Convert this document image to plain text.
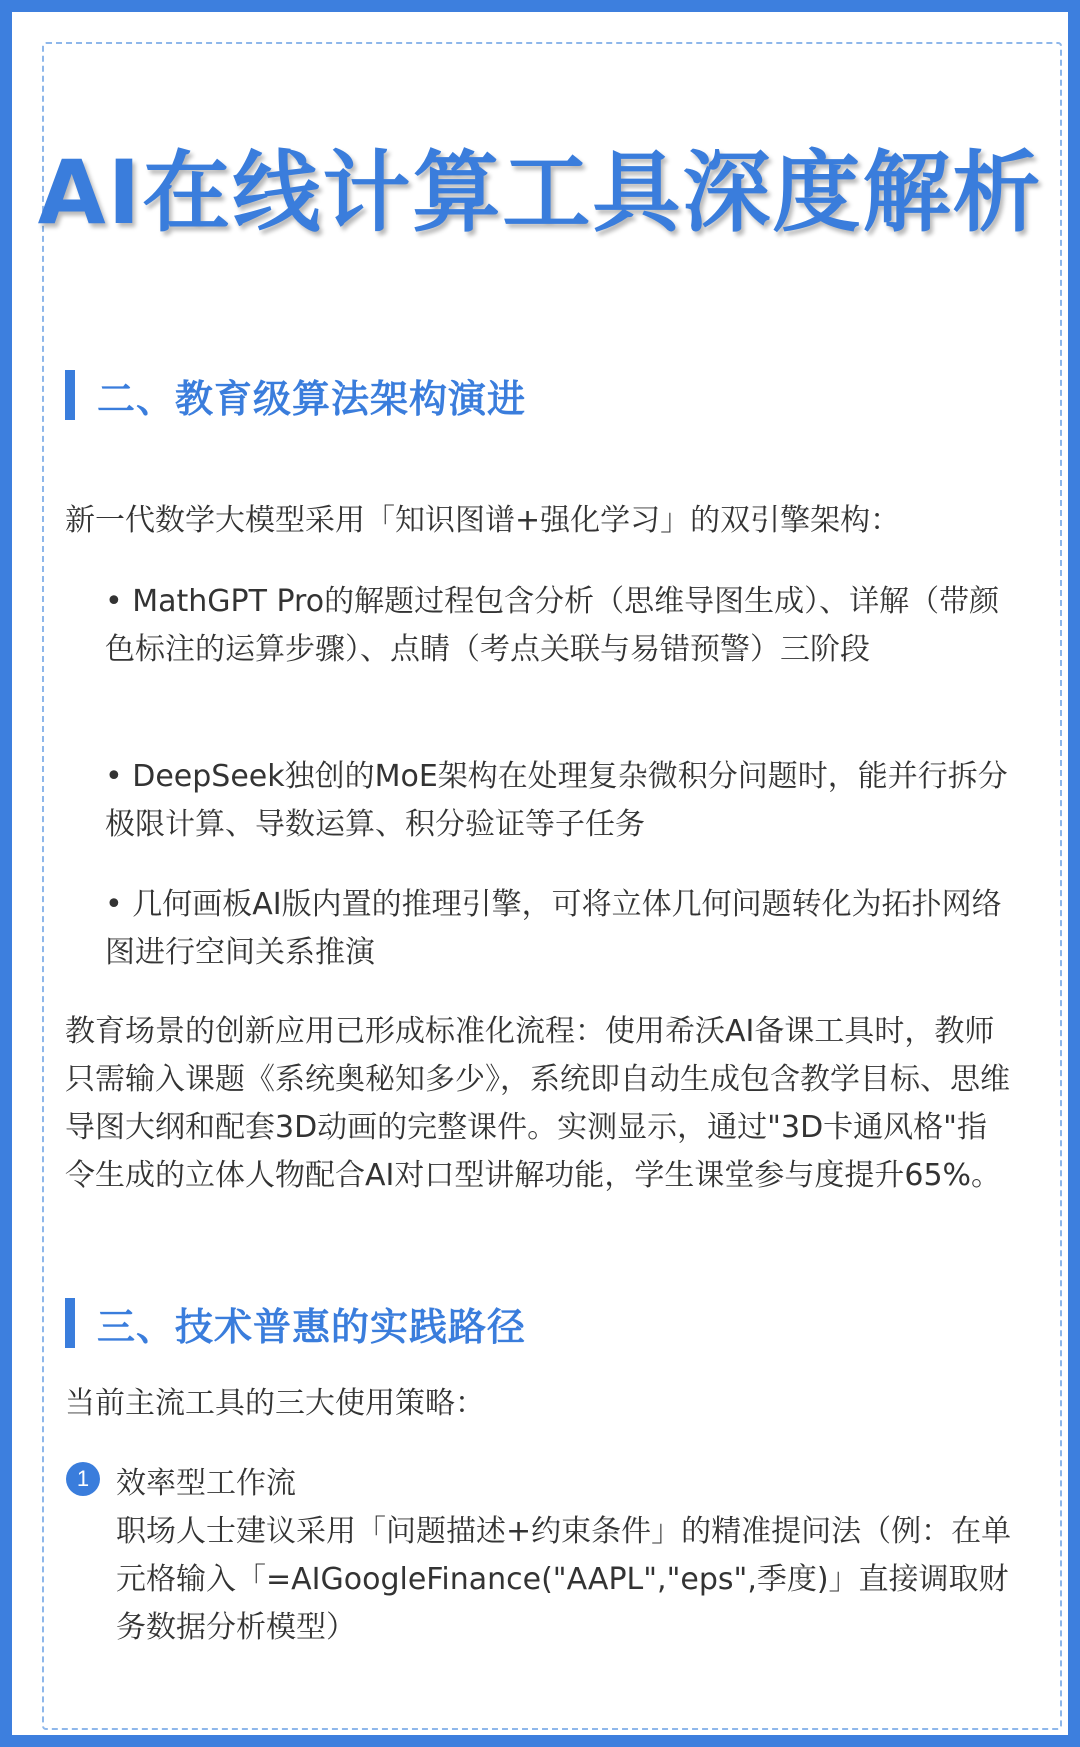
AI在线计算工具深度解析
二、教育级算法架构演进
新一代数学大模型采用「知识图谱+强化学习」的双引擎架构：
• MathGPT Pro的解题过程包含分析（思维导图生成）、详解（带颜色标注的运算步骤）、点睛（考点关联与易错预警）三阶段
• DeepSeek独创的MoE架构在处理复杂微积分问题时，能并行拆分极限计算、导数运算、积分验证等子任务
• 几何画板AI版内置的推理引擎，可将立体几何问题转化为拓扑网络图进行空间关系推演
教育场景的创新应用已形成标准化流程：使用希沃AI备课工具时，教师只需输入课题《系统奥秘知多少》，系统即自动生成包含教学目标、思维导图大纲和配套3D动画的完整课件。实测显示，通过"3D卡通风格"指令生成的立体人物配合AI对口型讲解功能，学生课堂参与度提升65%。
三、技术普惠的实践路径
当前主流工具的三大使用策略：
1 效率型工作流
职场人士建议采用「问题描述+约束条件」的精准提问法（例：在单元格输入「=AIGoogleFinance("AAPL","eps",季度)」直接调取财务数据分析模型）
